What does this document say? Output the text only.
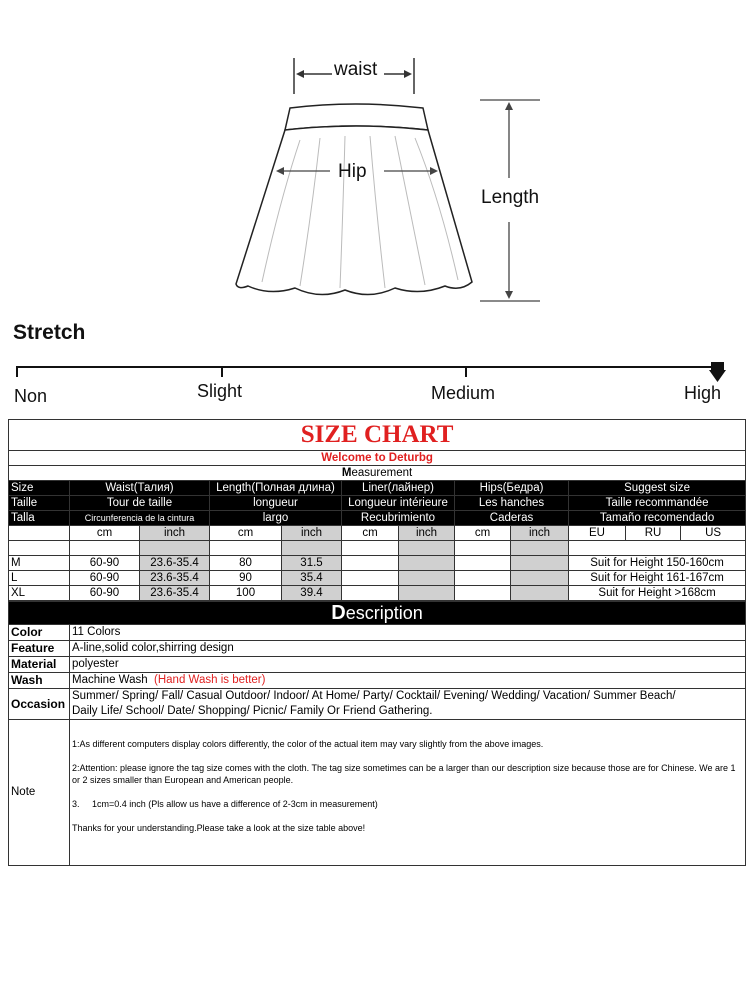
waist
Hip
Length
Stretch
Non	Slight	Medium	High
SIZE CHART											
Welcome to Deturbg											
Measurement											
Size	Waist(Талия)		Length(Полная длина)		Liner(лайнер)		Hips(Бедра)		Suggest size		
Taille	Tour de taille		longueur		Longueur intérieure		Les hanches		Taille recommandée		
Talla	Circunferencia de la cintura		largo		Recubrimiento		Caderas		Tamaño recomendado		
	cm	inch	cm	inch	cm	inch	cm	inch	EU	RU	US

M	60-90	23.6-35.4	80	31.5					Suit for Height 150-160cm		
L	60-90	23.6-35.4	90	35.4					Suit for Height 161-167cm		
XL	60-90	23.6-35.4	100	39.4					Suit for Height >168cm		
Description	
Color	11 Colors
Feature	A-line,solid color,shirring design
Material	polyester
Wash	Machine Wash (Hand Wash is better)
Occasion	Summer/ Spring/ Fall/ Casual Outdoor/ Indoor/ At Home/ Party/ Cocktail/ Evening/ Wedding/ Vacation/ Summer Beach/
Daily Life/ School/ Date/ Shopping/ Picnic/ Family Or Friend Gathering.

Note	1:As different computers display colors differently, the color of the actual item may vary slightly from the above images.

2:Attention: please ignore the tag size comes with the cloth. The tag size sometimes can be a larger than our description size because those are for Chinese. We are 1 or 2 sizes smaller than European and American people.

3.     1cm=0.4 inch (Pls allow us have a difference of 2-3cm in measurement)

Thanks for your understanding.Please take a look at the size table above!
